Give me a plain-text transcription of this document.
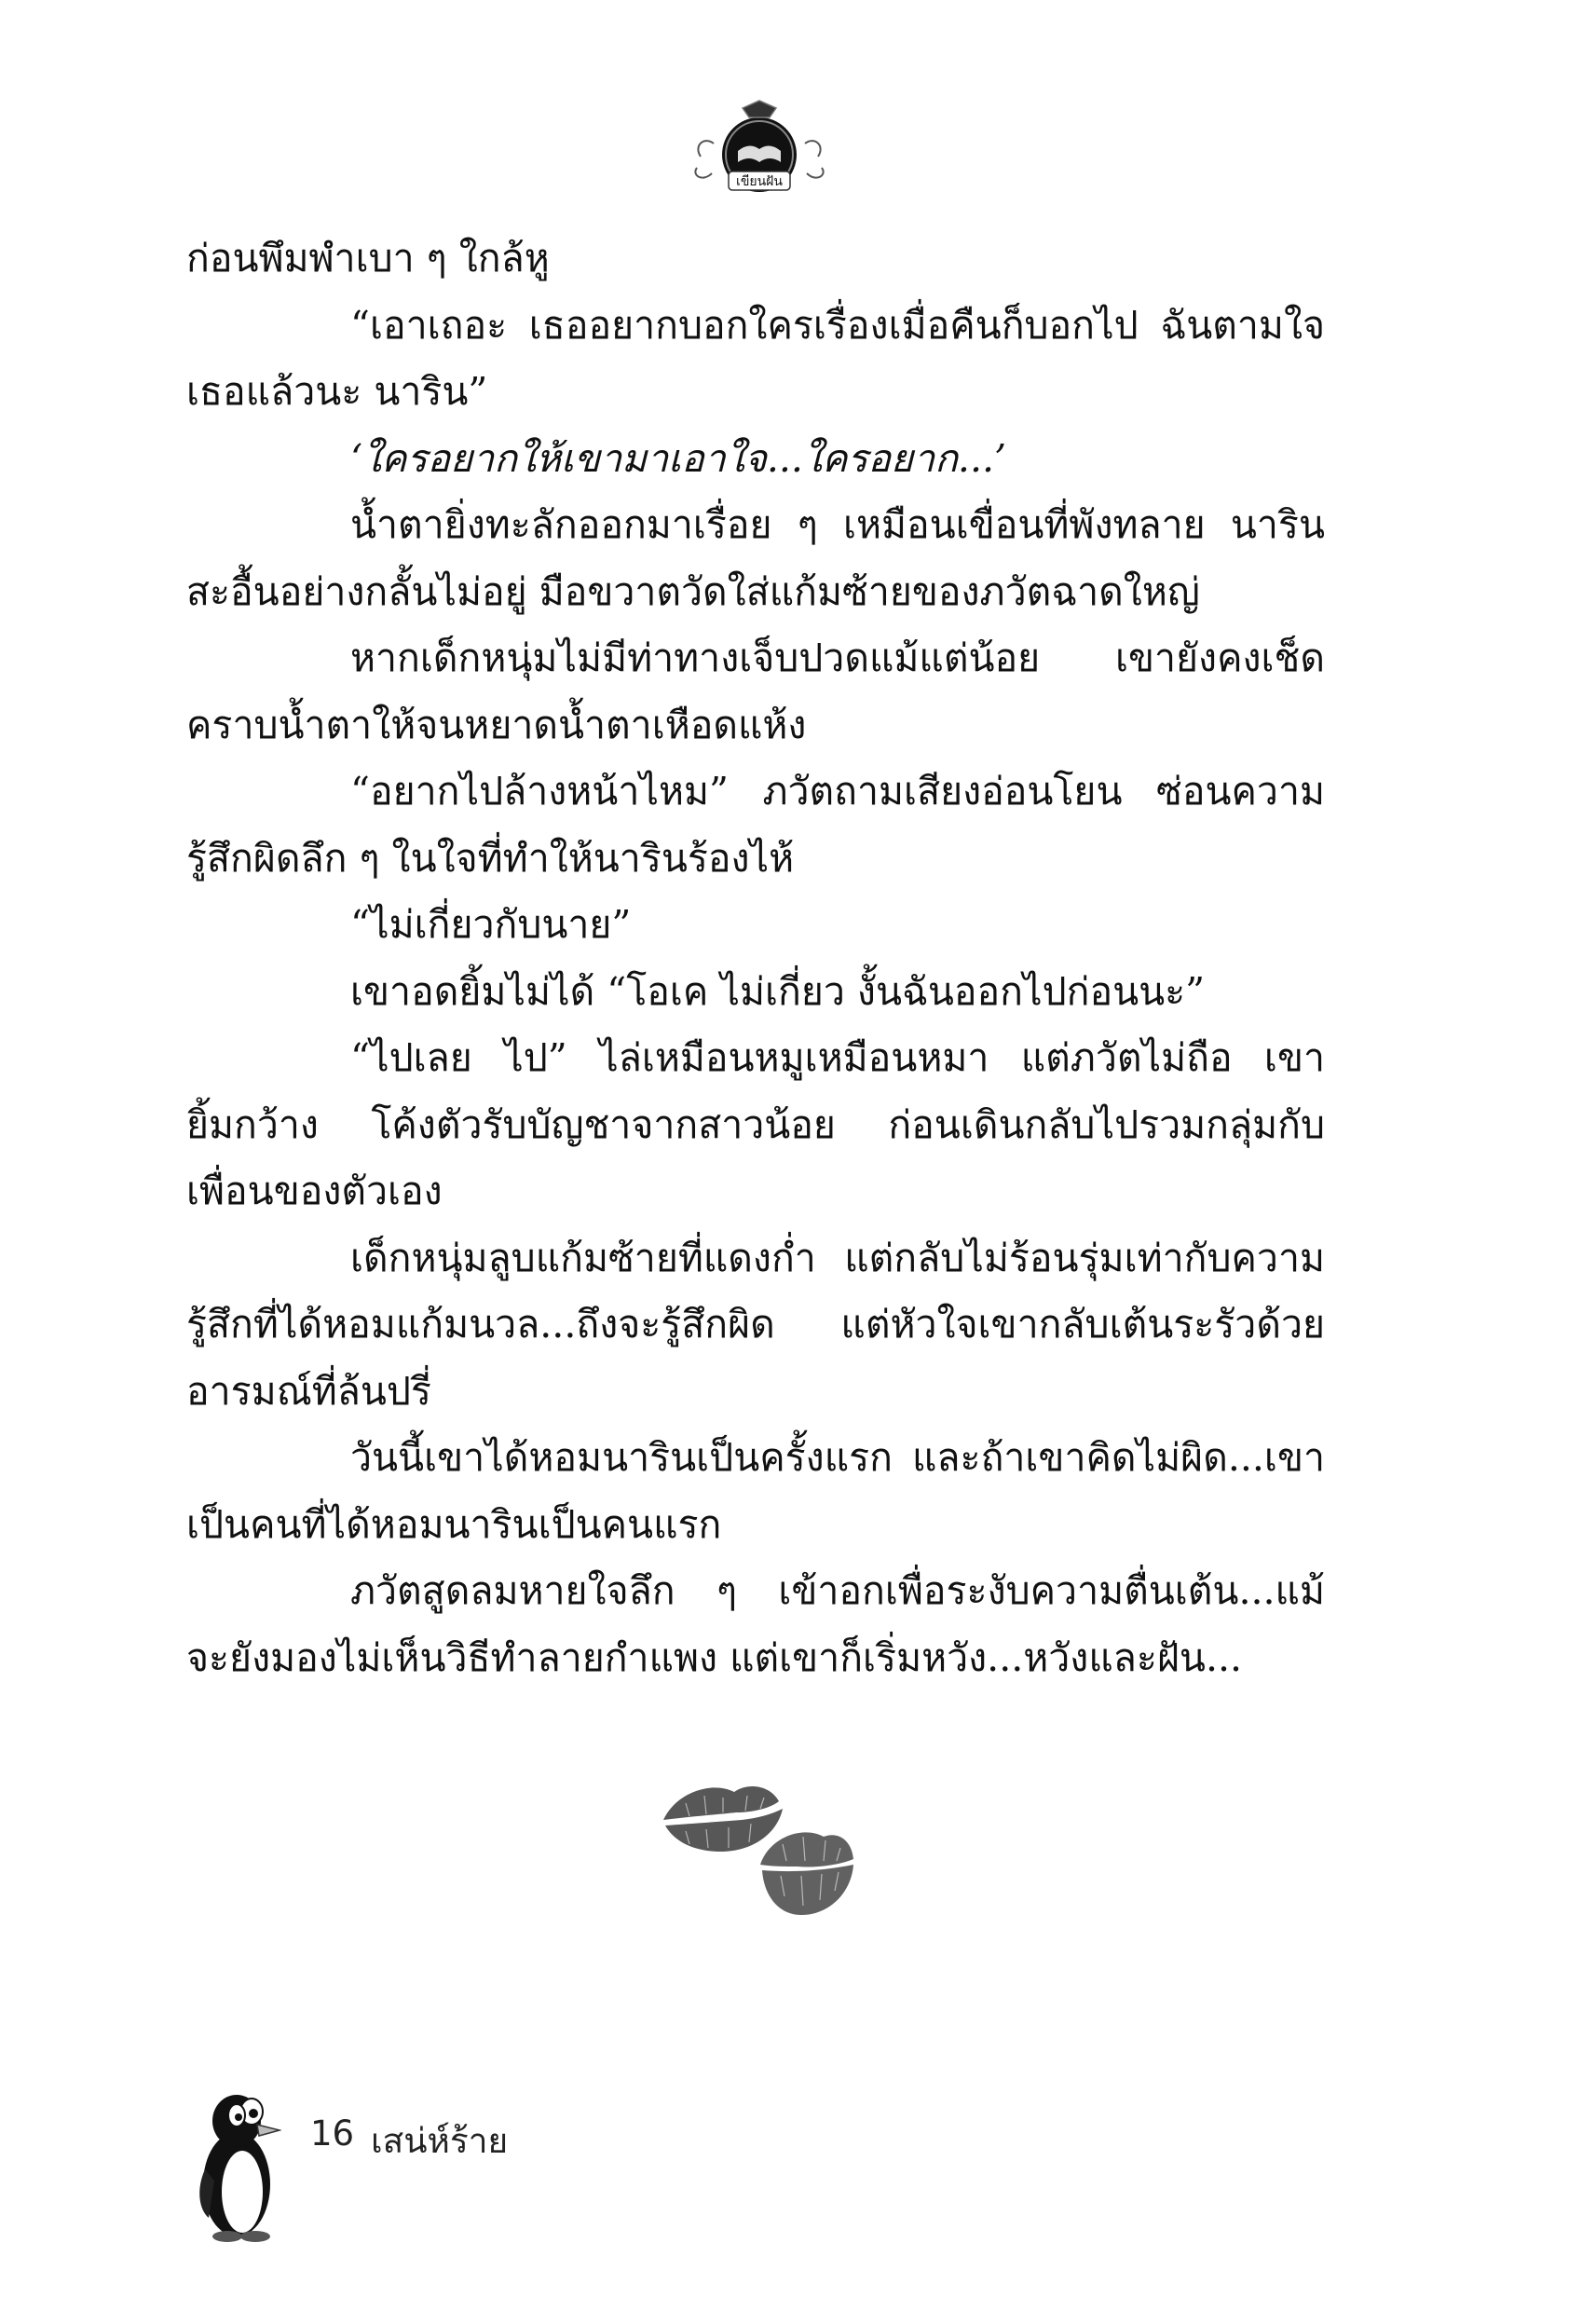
เขียนฝัน
ก่อนพึมพำเบา ๆ ใกล้หู
“เอาเถอะ เธออยากบอกใครเรื่องเมื่อคืนก็บอกไป ฉันตามใจ
เธอแล้วนะ นาริน”
‘ใครอยากให้เขามาเอาใจ...ใครอยาก...’
น้ำตายิ่งทะลักออกมาเรื่อย ๆ เหมือนเขื่อนที่พังทลาย นาริน
สะอื้นอย่างกลั้นไม่อยู่ มือขวาตวัดใส่แก้มซ้ายของภวัตฉาดใหญ่
หากเด็กหนุ่มไม่มีท่าทางเจ็บปวดแม้แต่น้อย เขายังคงเช็ด
คราบน้ำตาให้จนหยาดน้ำตาเหือดแห้ง
“อยากไปล้างหน้าไหม” ภวัตถามเสียงอ่อนโยน ซ่อนความ
รู้สึกผิดลึก ๆ ในใจที่ทำให้นารินร้องไห้
“ไม่เกี่ยวกับนาย”
เขาอดยิ้มไม่ได้ “โอเค ไม่เกี่ยว งั้นฉันออกไปก่อนนะ”
“ไปเลย ไป” ไล่เหมือนหมูเหมือนหมา แต่ภวัตไม่ถือ เขา
ยิ้มกว้าง โค้งตัวรับบัญชาจากสาวน้อย ก่อนเดินกลับไปรวมกลุ่มกับ
เพื่อนของตัวเอง
เด็กหนุ่มลูบแก้มซ้ายที่แดงก่ำ แต่กลับไม่ร้อนรุ่มเท่ากับความ
รู้สึกที่ได้หอมแก้มนวล...ถึงจะรู้สึกผิด แต่หัวใจเขากลับเต้นระรัวด้วย
อารมณ์ที่ล้นปรี่
วันนี้เขาได้หอมนารินเป็นครั้งแรก และถ้าเขาคิดไม่ผิด...เขา
เป็นคนที่ได้หอมนารินเป็นคนแรก
ภวัตสูดลมหายใจลึก ๆ เข้าอกเพื่อระงับความตื่นเต้น...แม้
จะยังมองไม่เห็นวิธีทำลายกำแพง แต่เขาก็เริ่มหวัง...หวังและฝัน...
16 เสน่ห์ร้าย
